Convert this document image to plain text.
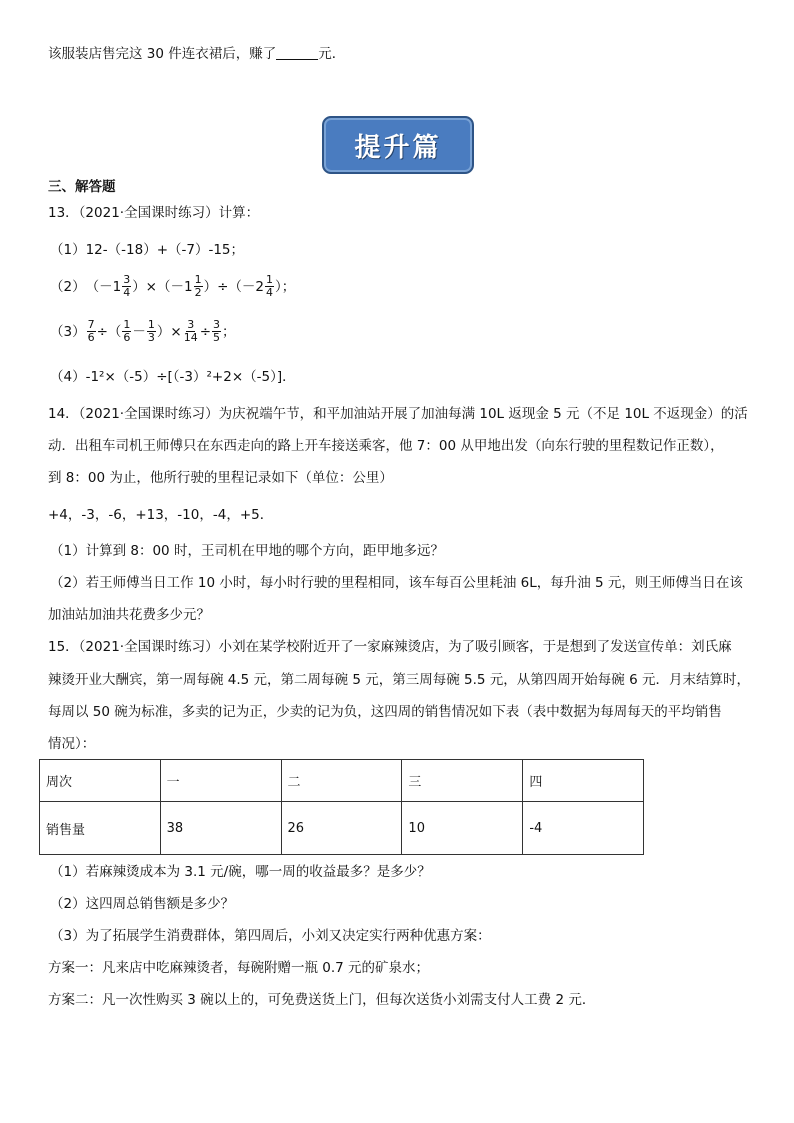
该服装店售完这 30 件连衣裙后，赚了	元．
提升篇
三、解答题
13．（2021·全国课时练习）计算：
（1）12-（-18）+（-7）-15；
（2） $(-1 \frac{3}{4} )\times(-1 \frac{1}{2} )\div(-2 \frac{1}{4}$ ）；
$(3) \frac{7}{6}$ ÷（ $\frac{1}{6} - \frac{1}{3}$ ）× $\frac{3}{14} \div \frac{3}{5}$ ；
（4）-1²×（-5）÷[（-3）²+2×（-5）]．
14．（2021·全国课时练习）为庆祝端午节，和平加油站开展了加油每满 10L 返现金 5 元（不足 10L 不返现金）的活
动．出租车司机王师傅只在东西走向的路上开车接送乘客，他 7：00 从甲地出发（向东行驶的里程数记作正数），
到 8：00 为止，他所行驶的里程记录如下（单位：公里）
+4，-3，-6，+13，-10，-4，+5．
（1）计算到 8：00 时，王司机在甲地的哪个方向，距甲地多远？
（2）若王师傅当日工作 10 小时，每小时行驶的里程相同，该车每百公里耗油 6L，每升油 5 元，则王师傅当日在该
加油站加油共花费多少元？
15．（2021·全国课时练习）小刘在某学校附近开了一家麻辣烫店，为了吸引顾客，于是想到了发送宣传单：刘氏麻
辣烫开业大酬宾，第一周每碗 4.5 元，第二周每碗 5 元，第三周每碗 5.5 元，从第四周开始每碗 6 元．月末结算时，
每周以 50 碗为标准，多卖的记为正，少卖的记为负，这四周的销售情况如下表（表中数据为每周每天的平均销售
情况）：
周次	一	二	三	四
销售量	38	26	10	-4
（1）若麻辣烫成本为 3.1 元/碗，哪一周的收益最多？是多少？
（2）这四周总销售额是多少？
（3）为了拓展学生消费群体，第四周后，小刘又决定实行两种优惠方案：
方案一：凡来店中吃麻辣烫者，每碗附赠一瓶 0.7 元的矿泉水；
方案二：凡一次性购买 3 碗以上的，可免费送货上门，但每次送货小刘需支付人工费 2 元．
